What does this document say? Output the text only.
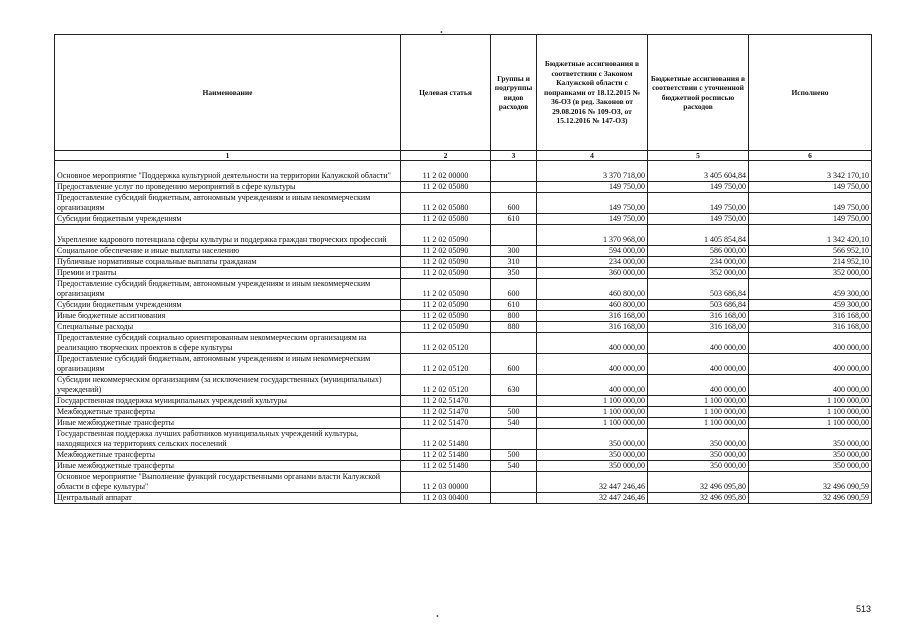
•
Наименование	Целевая статья	Группы и подгруппы видов расходов	Бюджетные ассигнования в соответствии с Законом Калужской области с поправками от 18.12.2015 № 36-ОЗ (в ред. Законов от 29.08.2016 № 109-ОЗ, от 15.12.2016 № 147-ОЗ)	Бюджетные ассигнования в соответствии с уточненной бюджетной росписью расходов	Исполнено
1	2	3	4	5	6
Основное мероприятие "Поддержка культурной деятельности на территории Калужской области"	11 2 02 00000		3 370 718,00	3 405 604,84	3 342 170,10
Предоставление услуг по проведению мероприятий в сфере культуры	11 2 02 05080		149 750,00	149 750,00	149 750,00
Предоставление субсидий бюджетным, автономным учреждениям и иным некоммерческим организациям	11 2 02 05080	600	149 750,00	149 750,00	149 750,00
Субсидии бюджетным учреждениям	11 2 02 05080	610	149 750,00	149 750,00	149 750,00
Укрепление кадрового потенциала сферы культуры и поддержка граждан творческих профессий	11 2 02 05090		1 370 968,00	1 405 854,84	1 342 420,10
Социальное обеспечение и иные выплаты населению	11 2 02 05090	300	594 000,00	586 000,00	566 952,10
Публичные нормативные социальные выплаты гражданам	11 2 02 05090	310	234 000,00	234 000,00	214 952,10
Премии и гранты	11 2 02 05090	350	360 000,00	352 000,00	352 000,00
Предоставление субсидий бюджетным, автономным учреждениям и иным некоммерческим организациям	11 2 02 05090	600	460 800,00	503 686,84	459 300,00
Субсидии бюджетным учреждениям	11 2 02 05090	610	460 800,00	503 686,84	459 300,00
Иные бюджетные ассигнования	11 2 02 05090	800	316 168,00	316 168,00	316 168,00
Специальные расходы	11 2 02 05090	880	316 168,00	316 168,00	316 168,00
Предоставление субсидий социально ориентированным некоммерческим организациям на реализацию творческих проектов в сфере культуры	11 2 02 05120		400 000,00	400 000,00	400 000,00
Предоставление субсидий бюджетным, автономным учреждениям и иным некоммерческим организациям	11 2 02 05120	600	400 000,00	400 000,00	400 000,00
Субсидии некоммерческим организациям (за исключением государственных (муниципальных) учреждений)	11 2 02 05120	630	400 000,00	400 000,00	400 000,00
Государственная поддержка муниципальных учреждений культуры	11 2 02 51470		1 100 000,00	1 100 000,00	1 100 000,00
Межбюджетные трансферты	11 2 02 51470	500	1 100 000,00	1 100 000,00	1 100 000,00
Иные межбюджетные трансферты	11 2 02 51470	540	1 100 000,00	1 100 000,00	1 100 000,00
Государственная поддержка лучших работников муниципальных учреждений культуры, находящихся на территориях сельских поселений	11 2 02 51480		350 000,00	350 000,00	350 000,00
Межбюджетные трансферты	11 2 02 51480	500	350 000,00	350 000,00	350 000,00
Иные межбюджетные трансферты	11 2 02 51480	540	350 000,00	350 000,00	350 000,00
Основное мероприятие "Выполнение функций государственными органами власти Калужской области в сфере культуры"	11 2 03 00000		32 447 246,46	32 496 095,80	32 496 090,59
Центральный аппарат	11 2 03 00400		32 447 246,46	32 496 095,80	32 496 090,59
513
•
